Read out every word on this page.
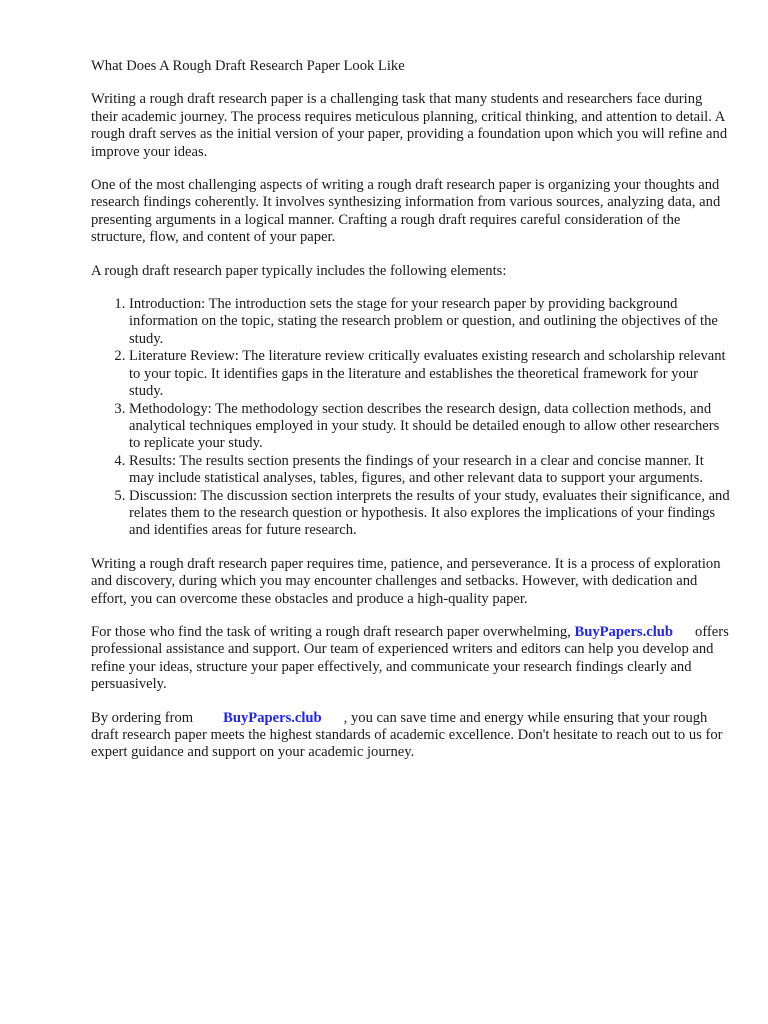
What Does A Rough Draft Research Paper Look Like

Writing a rough draft research paper is a challenging task that many students and researchers face during their academic journey. The process requires meticulous planning, critical thinking, and attention to detail. A rough draft serves as the initial version of your paper, providing a foundation upon which you will refine and improve your ideas.

One of the most challenging aspects of writing a rough draft research paper is organizing your thoughts and research findings coherently. It involves synthesizing information from various sources, analyzing data, and presenting arguments in a logical manner. Crafting a rough draft requires careful consideration of the structure, flow, and content of your paper.

A rough draft research paper typically includes the following elements:

1. Introduction: The introduction sets the stage for your research paper by providing background information on the topic, stating the research problem or question, and outlining the objectives of the study.
2. Literature Review: The literature review critically evaluates existing research and scholarship relevant to your topic. It identifies gaps in the literature and establishes the theoretical framework for your study.
3. Methodology: The methodology section describes the research design, data collection methods, and analytical techniques employed in your study. It should be detailed enough to allow other researchers to replicate your study.
4. Results: The results section presents the findings of your research in a clear and concise manner. It may include statistical analyses, tables, figures, and other relevant data to support your arguments.
5. Discussion: The discussion section interprets the results of your study, evaluates their significance, and relates them to the research question or hypothesis. It also explores the implications of your findings and identifies areas for future research.

Writing a rough draft research paper requires time, patience, and perseverance. It is a process of exploration and discovery, during which you may encounter challenges and setbacks. However, with dedication and effort, you can overcome these obstacles and produce a high-quality paper.

For those who find the task of writing a rough draft research paper overwhelming, BuyPapers.club offers professional assistance and support. Our team of experienced writers and editors can help you develop and refine your ideas, structure your paper effectively, and communicate your research findings clearly and persuasively.

By ordering from BuyPapers.club , you can save time and energy while ensuring that your rough draft research paper meets the highest standards of academic excellence. Don't hesitate to reach out to us for expert guidance and support on your academic journey.
